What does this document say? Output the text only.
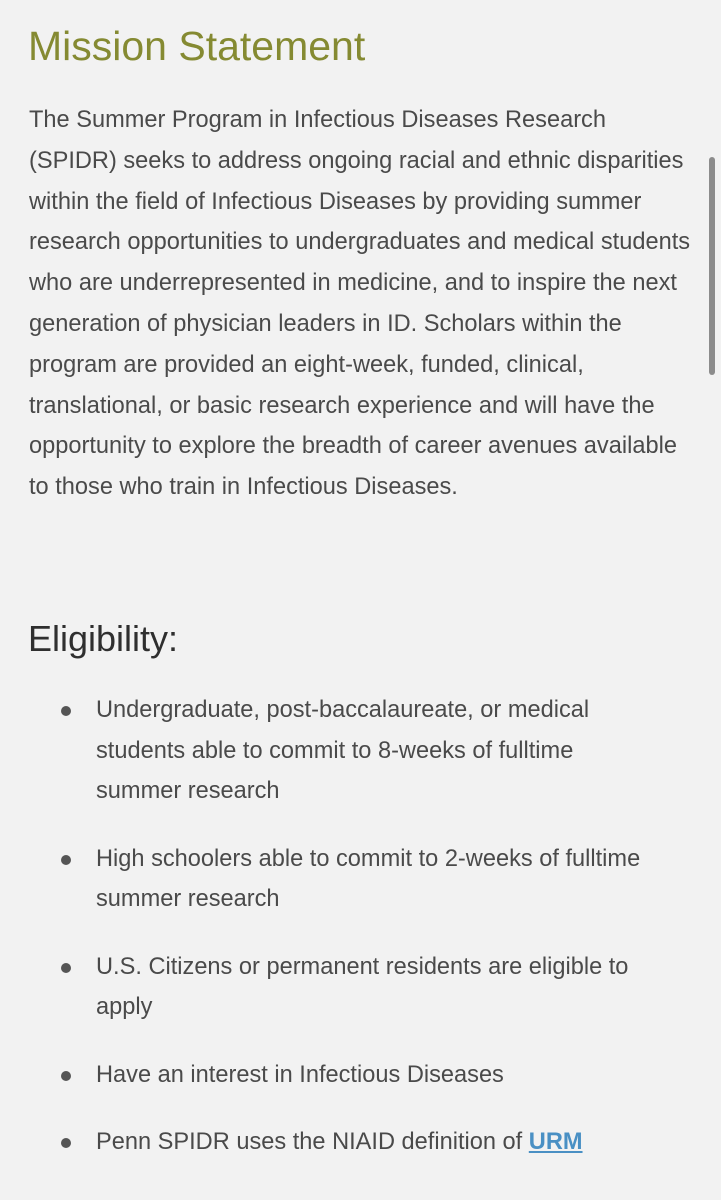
Mission Statement

The Summer Program in Infectious Diseases Research (SPIDR) seeks to address ongoing racial and ethnic disparities within the field of Infectious Diseases by providing summer research opportunities to undergraduates and medical students who are underrepresented in medicine, and to inspire the next generation of physician leaders in ID. Scholars within the program are provided an eight-week, funded, clinical, translational, or basic research experience and will have the opportunity to explore the breadth of career avenues available to those who train in Infectious Diseases.

Eligibility:
Undergraduate, post-baccalaureate, or medical students able to commit to 8-weeks of fulltime summer research
High schoolers able to commit to 2-weeks of fulltime summer research
U.S. Citizens or permanent residents are eligible to apply
Have an interest in Infectious Diseases
Penn SPIDR uses the NIAID definition of URM
